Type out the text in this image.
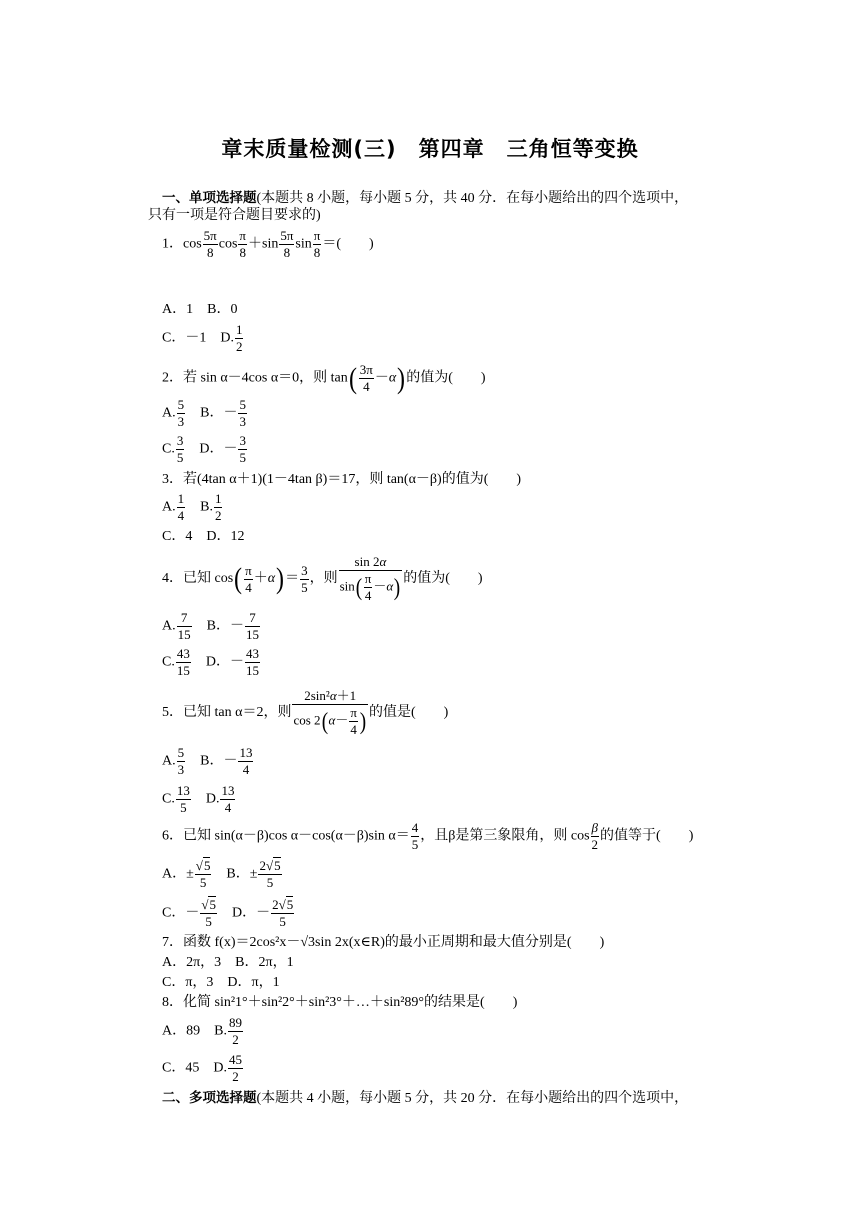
章末质量检测(三)　第四章　三角恒等变换
一、单项选择题(本题共 8 小题，每小题 5 分，共 40 分．在每小题给出的四个选项中，
只有一项是符合题目要求的)
1．$\cos \frac{5\pi}{8}$ $\cos \frac{\pi}{8} +\sin \frac{5\pi}{8}$ $\sin \frac{\pi}{8}$ ＝(　　)
A．1　B．0
C．－1　D. $\frac{1}{2}$
2．若 sin α－4cos α＝0，则 $\tan( \frac{3\pi}{4} -\alpha)$的值为(　　)
A. $\frac{5}{3}$ 　B．－ $\frac{5}{3}$
C. $\frac{3}{5}$ 　D．－ $\frac{3}{5}$
3．若(4tan α＋1)(1－4tan β)＝17，则 tan(α－β)的值为(　　)
A. $\frac{1}{4}$ 　B. $\frac{1}{2}$
C．4　D．12
4．已知 $\cos( \frac{\pi}{4} +\alpha)= \frac{3}{5}$ ，则 $\frac{\sin 2\alpha}{\sin( \frac{\pi}{4} -\alpha)}$ 的值为(　　)
A. $\frac{7}{15}$ 　B．－ $\frac{7}{15}$
C. $\frac{43}{15}$ 　D．－ $\frac{43}{15}$
5．已知 tan α＝2，则 $\frac{\text{2sin²α＋1}}{\cos 2(\alpha- \frac{\pi}{4} )}$ 的值是(　　)
A. $\frac{5}{3}$ 　B．－ $\frac{13}{4}$
C. $\frac{13}{5}$ 　D. $\frac{13}{4}$
6．已知 sin(α－β)cos α－cos(α－β)sin $\alpha= \frac{4}{5}$ ，且β是第三象限角，则 $\cos \frac{\beta}{2}$ 的值等于(　　)
A．± $\frac{√5}{5}$ 　B．± $\frac{2√5}{5}$
C．－ $\frac{√5}{5}$ 　D．－ $\frac{2√5}{5}$
7．函数 f(x)＝2cos²x－√3sin 2x(x∈R)的最小正周期和最大值分别是(　　)
A．2π，3　B．2π，1
C．π，3　D．π，1
8．化简 sin²1°＋sin²2°＋sin²3°＋…＋sin²89°的结果是(　　)
A．89　B. $\frac{89}{2}$
C．45　D. $\frac{45}{2}$
二、多项选择题(本题共 4 小题，每小题 5 分，共 20 分．在每小题给出的四个选项中，
